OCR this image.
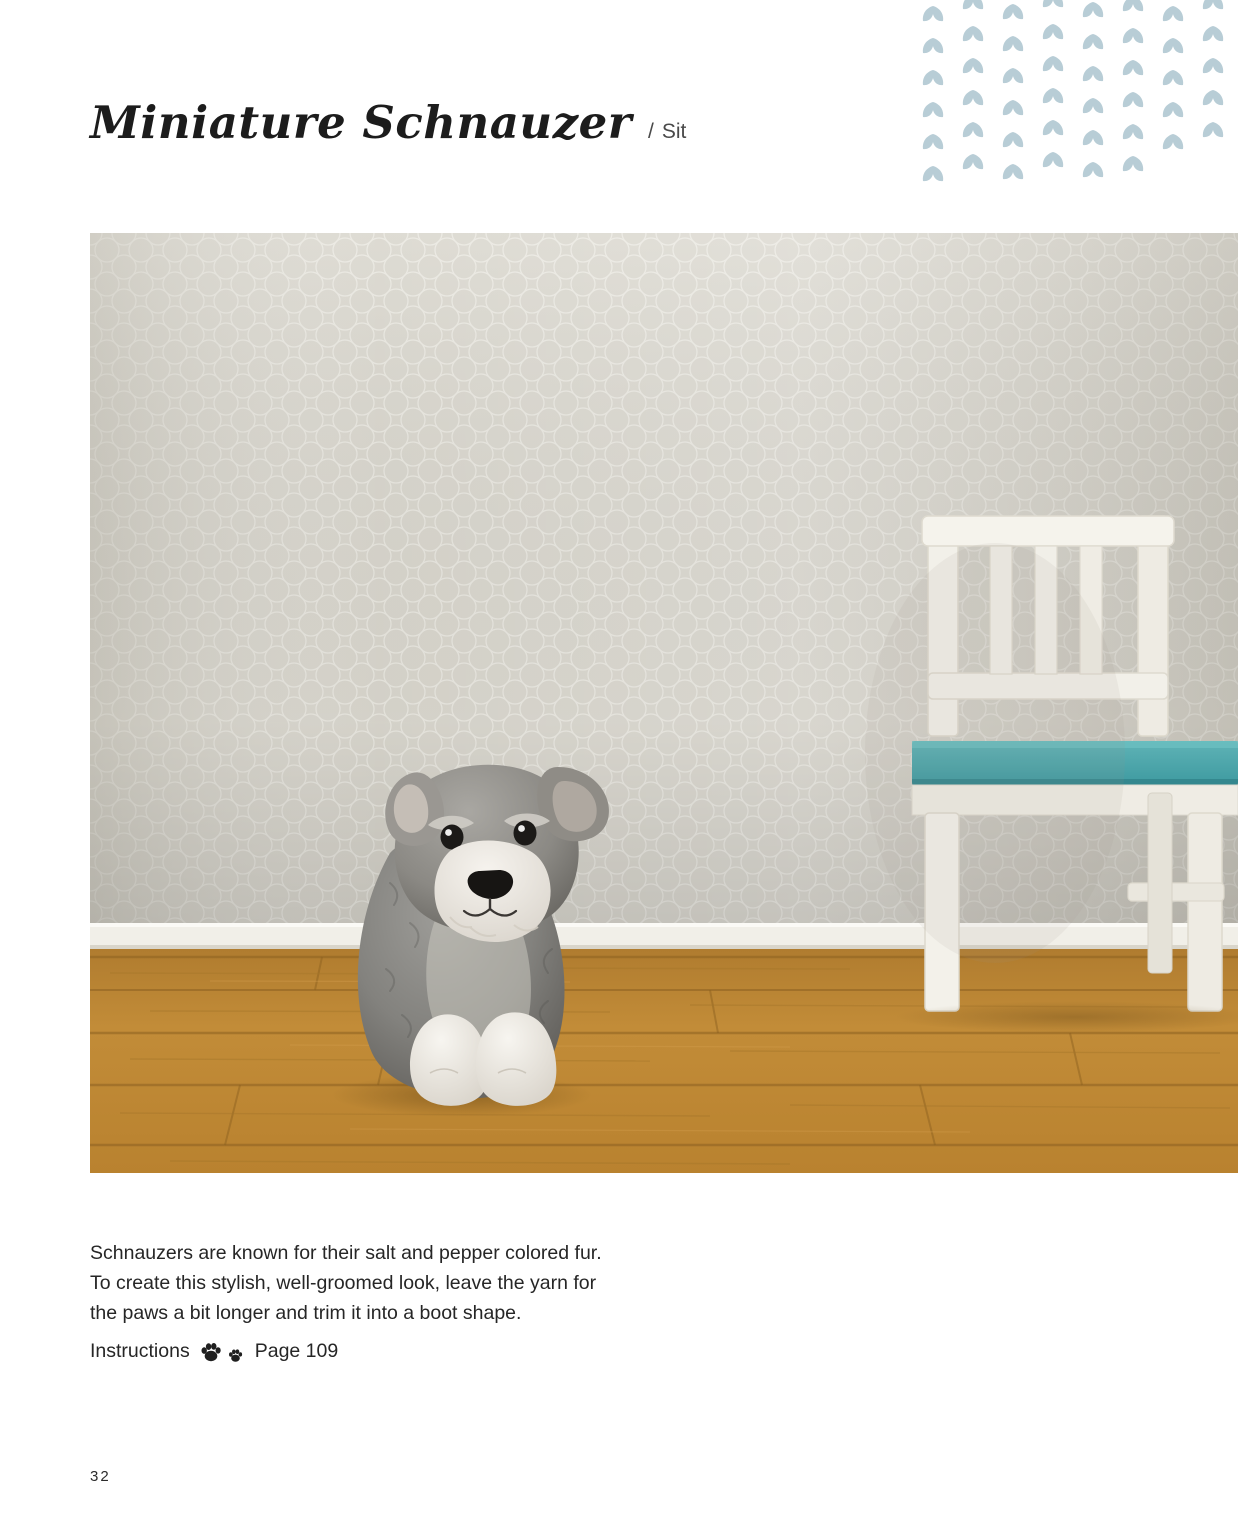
Miniature Schnauzer / Sit

Schnauzers are known for their salt and pepper colored fur.

To create this stylish, well-groomed look, leave the yarn for

the paws a bit longer and trim it into a boot shape.

Instructions	Page 109
32
